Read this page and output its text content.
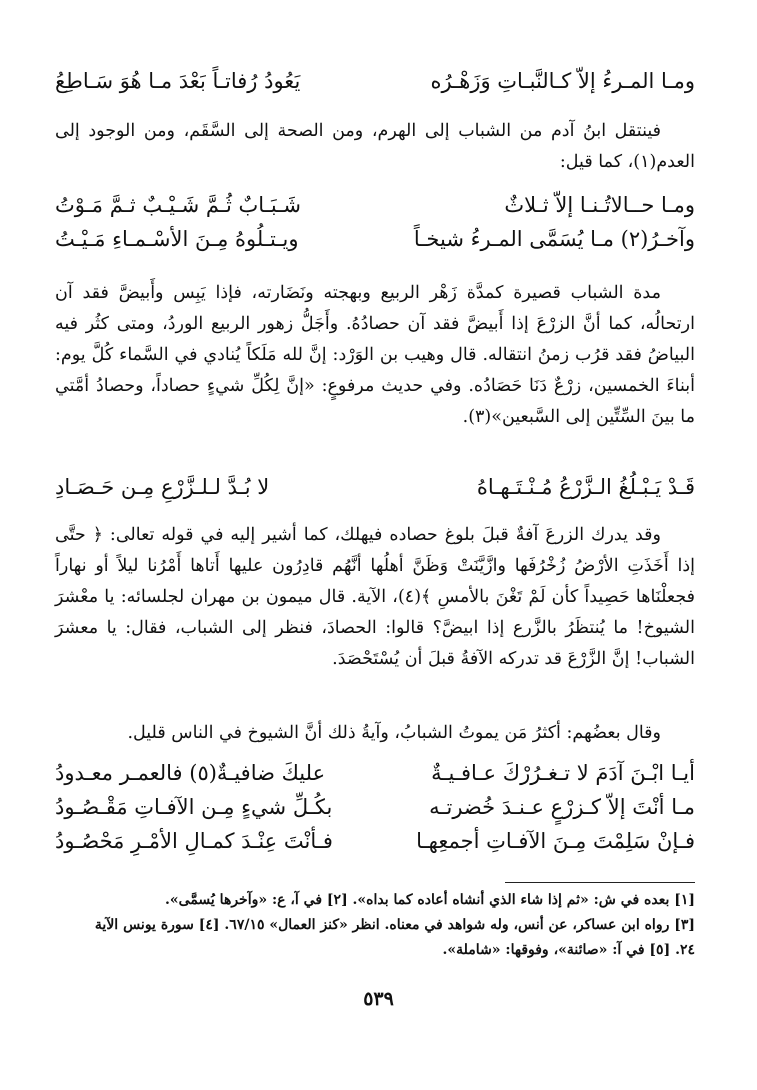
ومـا المـرءُ إلاّ كـالنَّبـاتِ وَزَهْـرُه
يَعُودُ رُفاتـاً بَعْدَ مـا هُوَ سَـاطِعُ

فينتقل ابنُ آدم من الشباب إلى الهرم، ومن الصحة إلى السَّقَم، ومن الوجود إلى العدم(١)، كما قيل:

ومـا حــالاتُـنـا إلاّ ثـلاثٌ
شَـبَـابٌ ثُـمَّ شَـيْـبٌ ثـمَّ مَـوْتُ
وآخـرُ(٢) مـا يُسَمَّى المـرءُ شيخـاً
ويـتـلُوهُ مِـنَ الأسْـمـاءِ مَـيْـتُ

مدة الشباب قصيرة كمدَّة زَهْر الربيع وبهجته ونَضَارته، فإذا يَبِس وأَبيضَّ فقد آن ارتحالُه، كما أنَّ الزرْعَ إذا أَبيضَّ فقد آن حصادُهُ. وأَجَلُّ زهور الربيع الوردُ، ومتى كثُر فيه البياضُ فقد قرُب زمنُ انتقاله. قال وهيب بن الوَرْد: إنَّ لله مَلَكاً يُنادي في السَّماء كُلَّ يوم: أبناءَ الخمسين، زرْعٌ دَنَا حَصَادُه. وفي حديث مرفوعٍ: «إنَّ لِكُلِّ شيءٍ حصاداً، وحصادُ أمَّتي ما بينَ السِّتِّين إلى السَّبعين»(٣).

قَـدْ يَـبْـلُغُ الـزَّرْعُ مُـنْـتَـهـاهُ
لا بُـدَّ لـلـزَّرْعِ مِـن حَـصَـادِ

وقد يدرك الزرعَ آفةٌ قبلَ بلوغ حصاده فيهلك، كما أشير إليه في قوله تعالى: ﴿ حتَّى إذا أَخَذَتِ الأرْضُ زُخْرُفَها وازَّيَّنَتْ وَظَنَّ أهلُها أنَّهُم قادِرُون عليها أَتاها أَمْرُنا ليلاً أو نهاراً فجعلْنَاها حَصِيداً كأن لَمْ تَغْنَ بالأمسِ ﴾(٤)، الآية. قال ميمون بن مهران لجلسائه: يا معْشرَ الشيوخ! ما يُنتظَرُ بالزَّرع إذا ابيضَّ؟ قالوا: الحصادَ، فنظر إلى الشباب، فقال: يا معشرَ الشباب! إنَّ الزَّرْعَ قد تدركه الآفةُ قبلَ أن يُسْتَحْصَدَ.

وقال بعضُهم: أكثرُ مَن يموتُ الشبابُ، وآيةُ ذلك أنَّ الشيوخ في الناس قليل.

أيـا ابْـنَ آدَمَ لا تـغـرُرْكَ عـافـيـةٌ
عليكَ ضافيـةٌ(٥) فالعمـر معـدودُ
مـا أنْتَ إلاّ كـزرْعٍ عـنـدَ خُضرتـه
بكُـلِّ شيءٍ مِـن الآفـاتِ مَقْـصُـودُ
فـإنْ سَلِمْتَ مِـنَ الآفـاتِ أجمعِهـا
فـأنْتَ عِنْـدَ كمـالِ الأمْـرِ مَحْصُـودُ

[١] بعده في ش: «ثم إذا شاء الذي أنشاه أعاده كما بداه». [٢] في آ، ع: «وآخرها يُسمَّى».

[٣] رواه ابن عساكر، عن أنس، وله شواهد في معناه. انظر «كنز العمال» ٦٧/١٥. [٤] سورة يونس الآية

٢٤. [٥] في آ: «صائنة»، وفوقها: «شاملة».

٥٣٩
